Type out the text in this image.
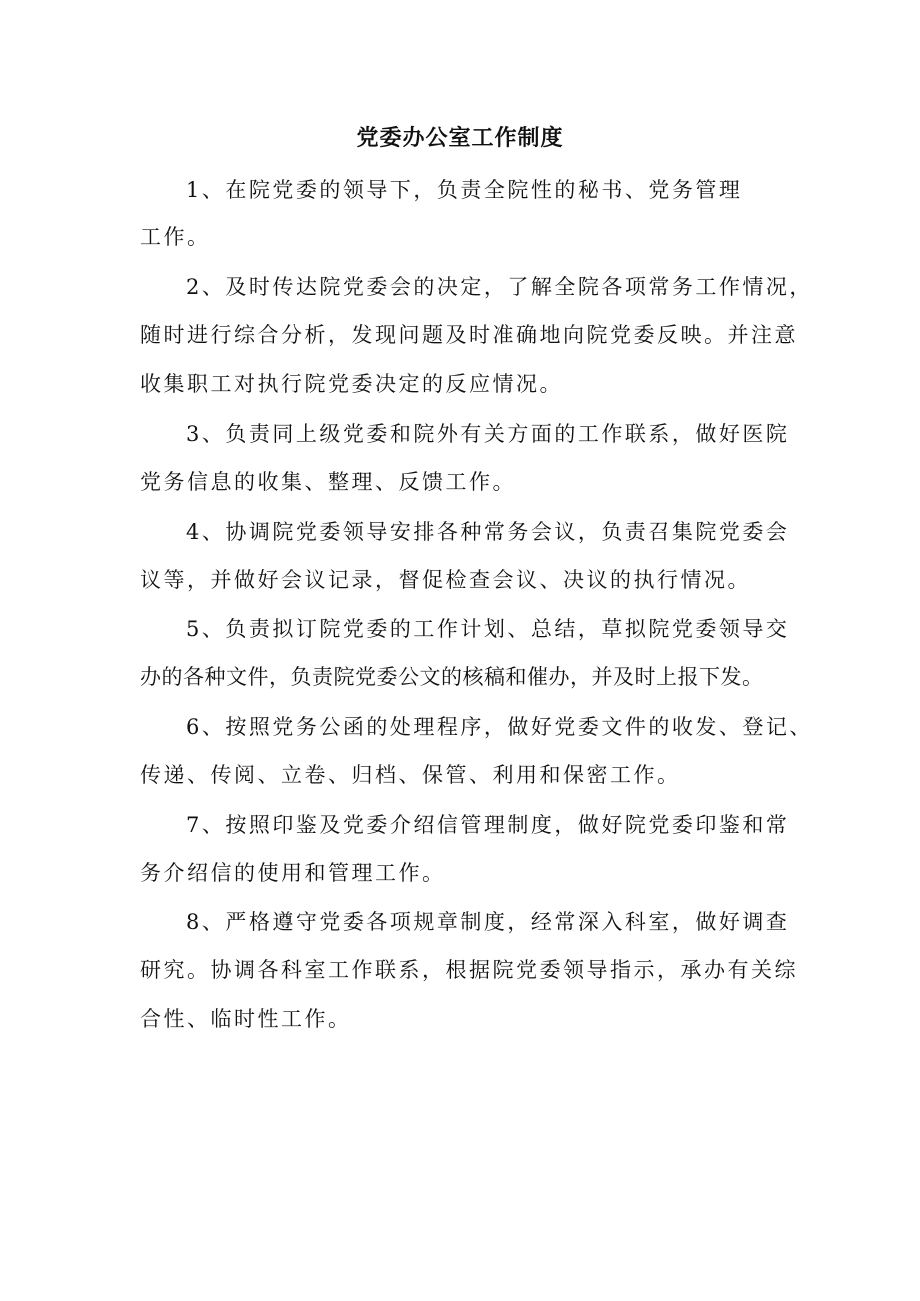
党委办公室工作制度
1、在院党委的领导下，负责全院性的秘书、党务管理
工作。
2、及时传达院党委会的决定，了解全院各项常务工作情况，
随时进行综合分析，发现问题及时准确地向院党委反映。并注意
收集职工对执行院党委决定的反应情况。
3、负责同上级党委和院外有关方面的工作联系，做好医院
党务信息的收集、整理、反馈工作。
4、协调院党委领导安排各种常务会议，负责召集院党委会
议等，并做好会议记录，督促检查会议、决议的执行情况。
5、负责拟订院党委的工作计划、总结，草拟院党委领导交
办的各种文件，负责院党委公文的核稿和催办，并及时上报下发。
6、按照党务公函的处理程序，做好党委文件的收发、登记、
传递、传阅、立卷、归档、保管、利用和保密工作。
7、按照印鉴及党委介绍信管理制度，做好院党委印鉴和常
务介绍信的使用和管理工作。
8、严格遵守党委各项规章制度，经常深入科室，做好调查
研究。协调各科室工作联系，根据院党委领导指示，承办有关综
合性、临时性工作。
